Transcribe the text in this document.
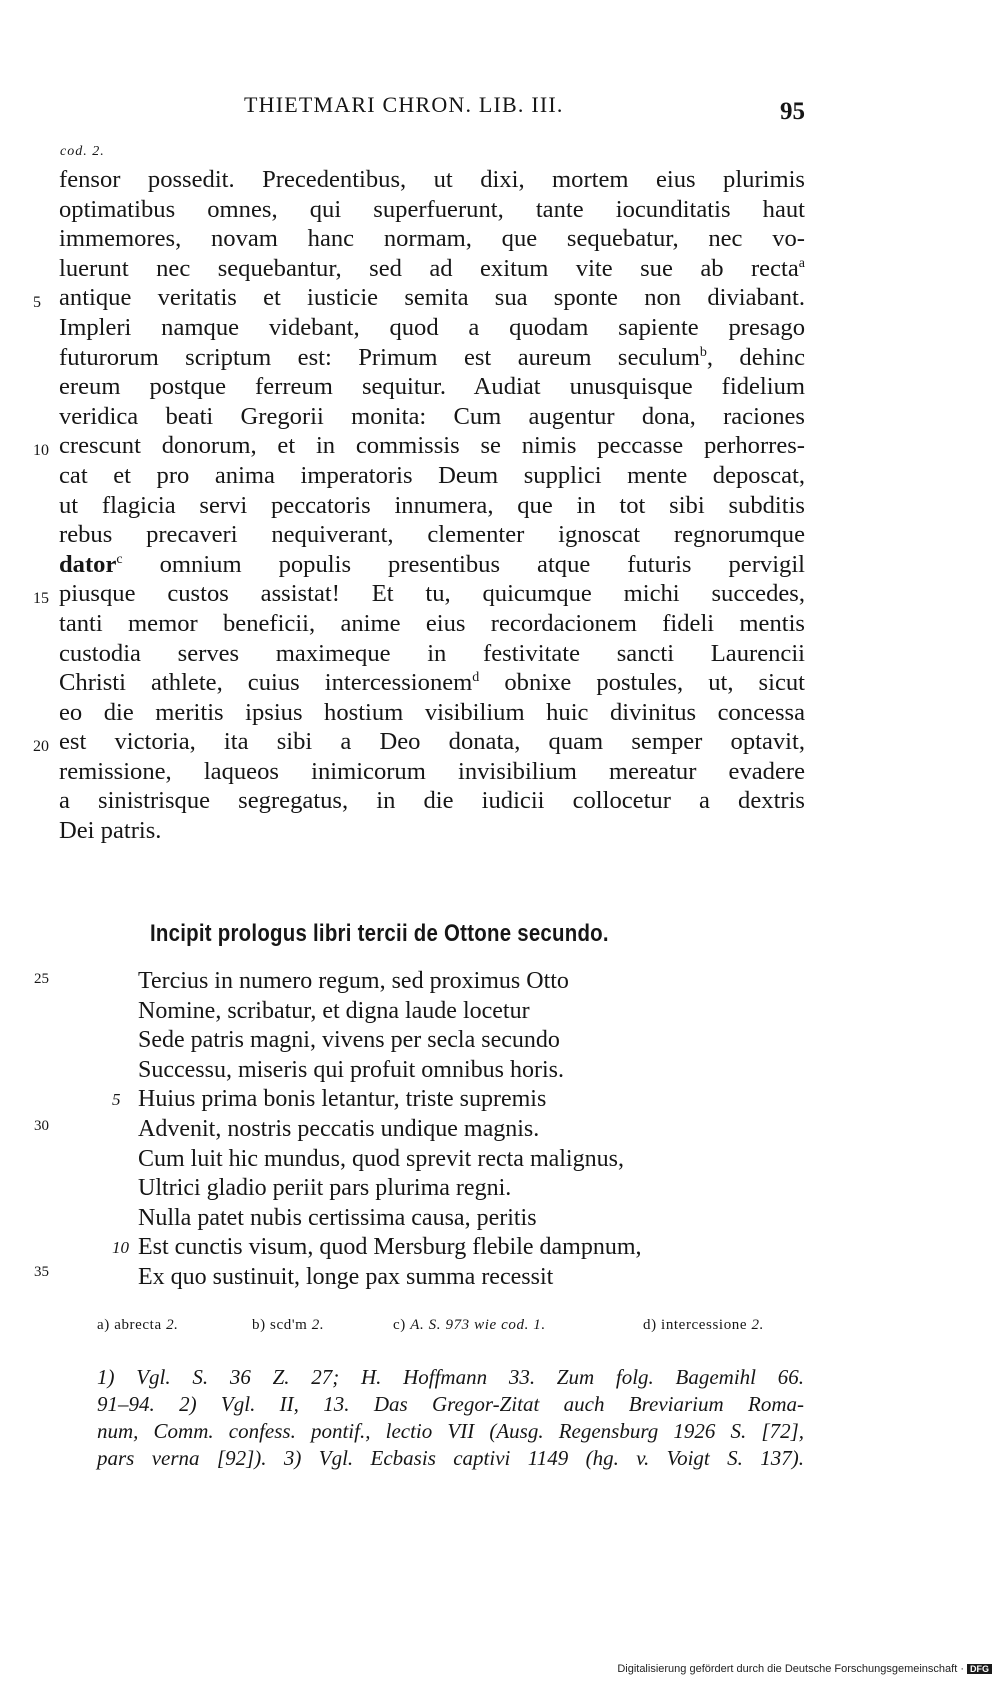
THIETMARI CHRON. LIB. III.	95
cod. 2.
fensor possedit. Precedentibus, ut dixi, mortem eius plurimis
optimatibus omnes, qui superfuerunt, tante iocunditatis haut
immemores, novam hanc normam, que sequebatur, nec vo-
luerunt nec sequebantur, sed ad exitum vite sue ab recta$^a$
antique veritatis et iusticie semita sua sponte non diviabant.
Impleri namque videbant, quod a quodam sapiente presago
futurorum scriptum est: Primum est aureum seculum$^b$, dehinc
ereum postque ferreum sequitur. Audiat unusquisque fidelium
veridica beati Gregorii monita: Cum augentur dona, raciones
crescunt donorum, et in commissis se nimis peccasse perhorres-
cat et pro anima imperatoris Deum supplici mente deposcat,
ut flagicia servi peccatoris innumera, que in tot sibi subditis
rebus precaveri nequiverant, clementer ignoscat regnorumque
dator$^c$ omnium populis presentibus atque futuris pervigil
piusque custos assistat! Et tu, quicumque michi succedes,
tanti memor beneficii, anime eius recordacionem fideli mentis
custodia serves maximeque in festivitate sancti Laurencii
Christi athlete, cuius intercessionem$^d$ obnixe postules, ut, sicut
eo die meritis ipsius hostium visibilium huic divinitus concessa
est victoria, ita sibi a Deo donata, quam semper optavit,
remissione, laqueos inimicorum invisibilium mereatur evadere
a sinistrisque segregatus, in die iudicii collocetur a dextris
Dei patris.
5
10
15
20
Incipit prologus libri tercii de Ottone secundo.
Tercius in numero regum, sed proximus Otto
Nomine, scribatur, et digna laude locetur
Sede patris magni, vivens per secla secundo
Successu, miseris qui profuit omnibus horis.
Huius prima bonis letantur, triste supremis
Advenit, nostris peccatis undique magnis.
Cum luit hic mundus, quod sprevit recta malignus,
Ultrici gladio periit pars plurima regni.
Nulla patet nubis certissima causa, peritis
Est cunctis visum, quod Mersburg flebile dampnum,
Ex quo sustinuit, longe pax summa recessit
25
30
35
5
10
a) abrecta 2.	b) scd'm 2.	c) A. S. 973 wie cod. 1.	d) intercessione 2.
1) Vgl. S. 36 Z. 27; H. Hoffmann 33. Zum folg. Bagemihl 66.
91–94. 2) Vgl. II, 13. Das Gregor-Zitat auch Breviarium Roma-
num, Comm. confess. pontif., lectio VII (Ausg. Regensburg 1926 S. [72],
pars verna [92]). 3) Vgl. Ecbasis captivi 1149 (hg. v. Voigt S. 137).
Digitalisierung gefördert durch die Deutsche Forschungsgemeinschaft · DFG
